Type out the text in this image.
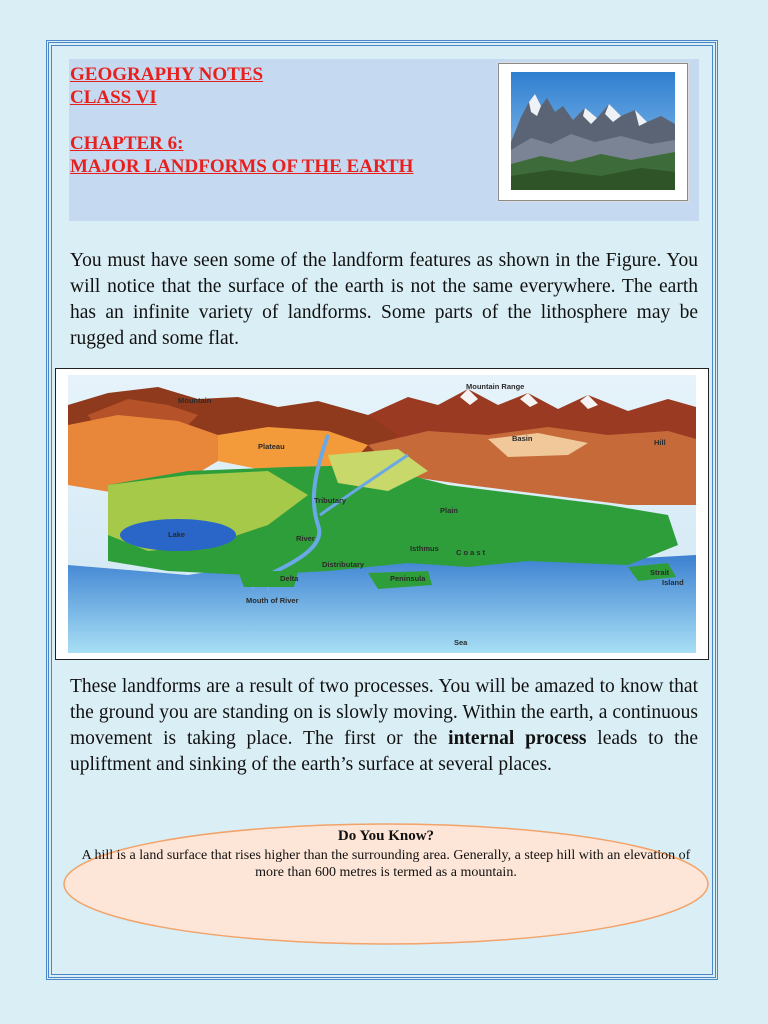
GEOGRAPHY NOTES
CLASS VI
CHAPTER 6:
MAJOR LANDFORMS OF THE EARTH
You must have seen some of the landform features as shown in the Figure. You will notice that the surface of the earth is not the same everywhere. The earth has an infinite variety of landforms. Some parts of the lithosphere may be rugged and some flat.
Mountain
Mountain Range
Plateau
Basin	Hill
Tributary
Plain
Lake	River
Distributary
Isthmus C o a s t
Delta	Peninsula
Mouth of River
Strait
Island
Sea
These landforms are a result of two processes. You will be amazed to know that the ground you are standing on is slowly moving. Within the earth, a continuous movement is taking place. The first or the internal process leads to the upliftment and sinking of the earth’s surface at several places.
Do You Know?
A hill is a land surface that rises higher than the surrounding area. Generally, a steep hill with an elevation of more than 600 metres is termed as a mountain.
